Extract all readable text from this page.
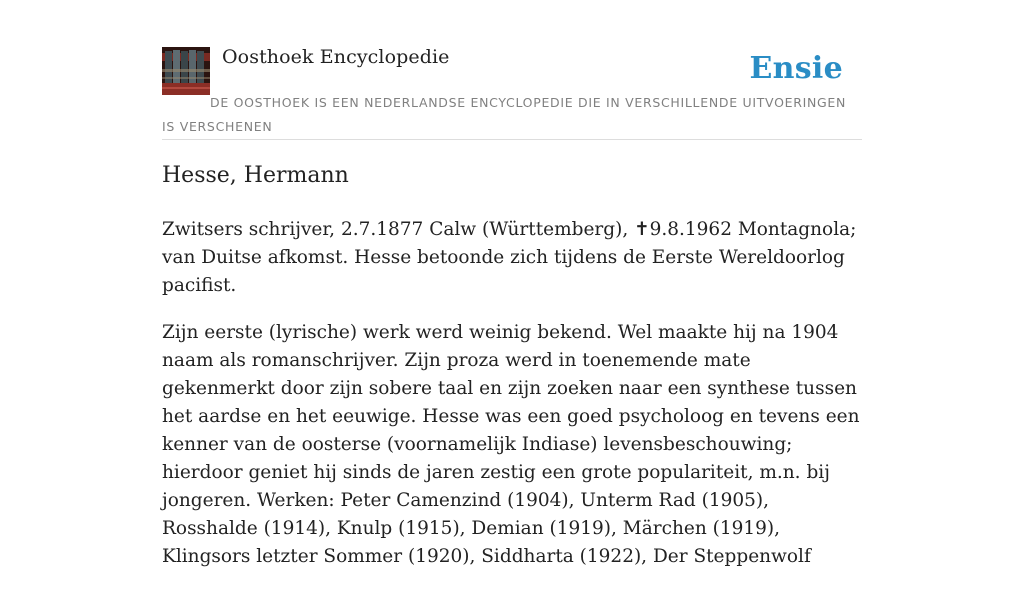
Oosthoek Encyclopedie	Ensie
DE OOSTHOEK IS EEN NEDERLANDSE ENCYCLOPEDIE DIE IN VERSCHILLENDE UITVOERINGEN IS VERSCHENEN
Hesse, Hermann

Zwitsers schrijver, 2.7.1877 Calw (Württemberg), ✝9.8.1962 Montagnola; van Duitse afkomst. Hesse betoonde zich tijdens de Eerste Wereldoorlog pacifist.

Zijn eerste (lyrische) werk werd weinig bekend. Wel maakte hij na 1904 naam als romanschrijver. Zijn proza werd in toenemende mate gekenmerkt door zijn sobere taal en zijn zoeken naar een synthese tussen het aardse en het eeuwige. Hesse was een goed psycholoog en tevens een kenner van de oosterse (voornamelijk Indiase) levensbeschouwing; hierdoor geniet hij sinds de jaren zestig een grote populariteit, m.n. bij jongeren. Werken: Peter Camenzind (1904), Unterm Rad (1905), Rosshalde (1914), Knulp (1915), Demian (1919), Märchen (1919), Klingsors letzter Sommer (1920), Siddharta (1922), Der Steppenwolf
